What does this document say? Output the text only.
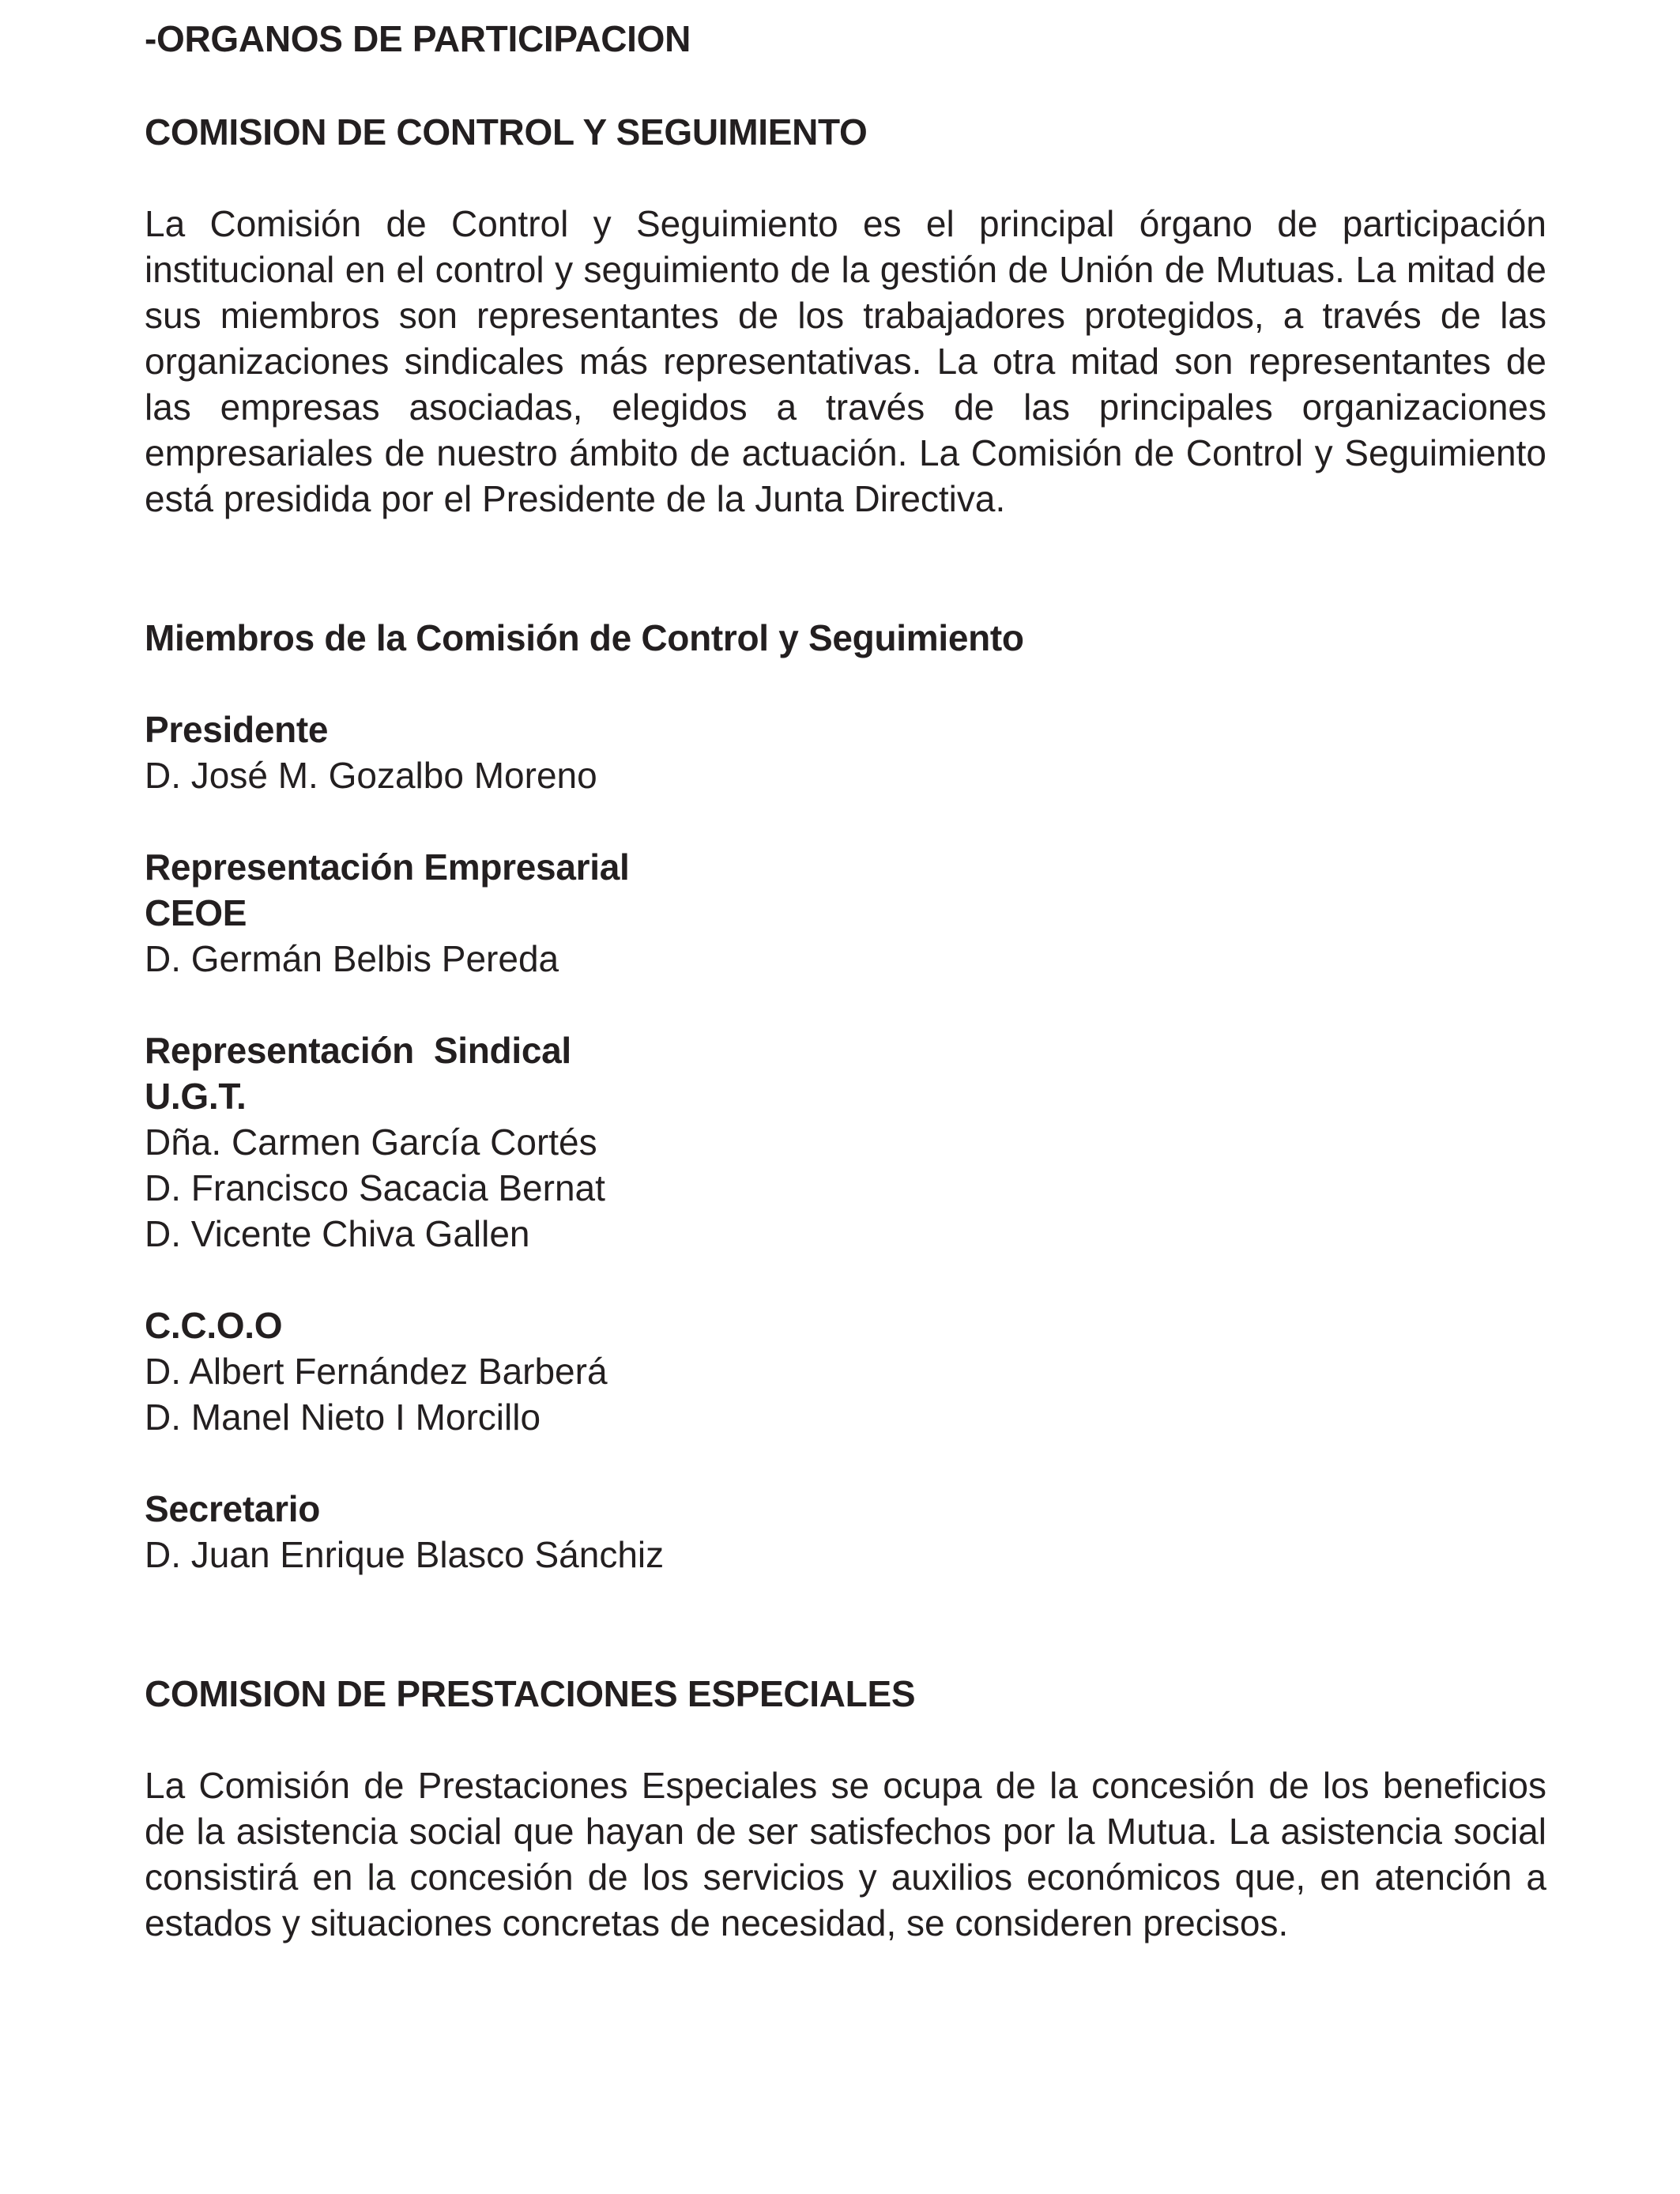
-ORGANOS DE PARTICIPACION
COMISION DE CONTROL Y SEGUIMIENTO

La Comisión de Control y Seguimiento es el principal órgano de participación institucional en el control y seguimiento de la gestión de Unión de Mutuas. La mitad de sus miembros son representantes de los trabajadores protegidos, a través de las organizaciones sindicales más representativas. La otra mitad son representantes de las empresas asociadas, elegidos a través de las principales organizaciones empresariales de nuestro ámbito de actuación. La Comisión de Control y Seguimiento está presidida por el Presidente de la Junta Directiva.

Miembros de la Comisión de Control y Seguimiento

Presidente

D. José M. Gozalbo Moreno

Representación Empresarial

CEOE

D. Germán Belbis Pereda

Representación  Sindical

U.G.T.

Dña. Carmen García Cortés

D. Francisco Sacacia Bernat

D. Vicente Chiva Gallen

C.C.O.O

D. Albert Fernández Barberá

D. Manel Nieto I Morcillo

Secretario

D. Juan Enrique Blasco Sánchiz

COMISION DE PRESTACIONES ESPECIALES

La Comisión de Prestaciones Especiales se ocupa de la concesión de los beneficios de la asistencia social que hayan de ser satisfechos por la Mutua. La asistencia social consistirá en la concesión de los servicios y auxilios económicos que, en atención a estados y situaciones concretas de necesidad, se consideren precisos.
